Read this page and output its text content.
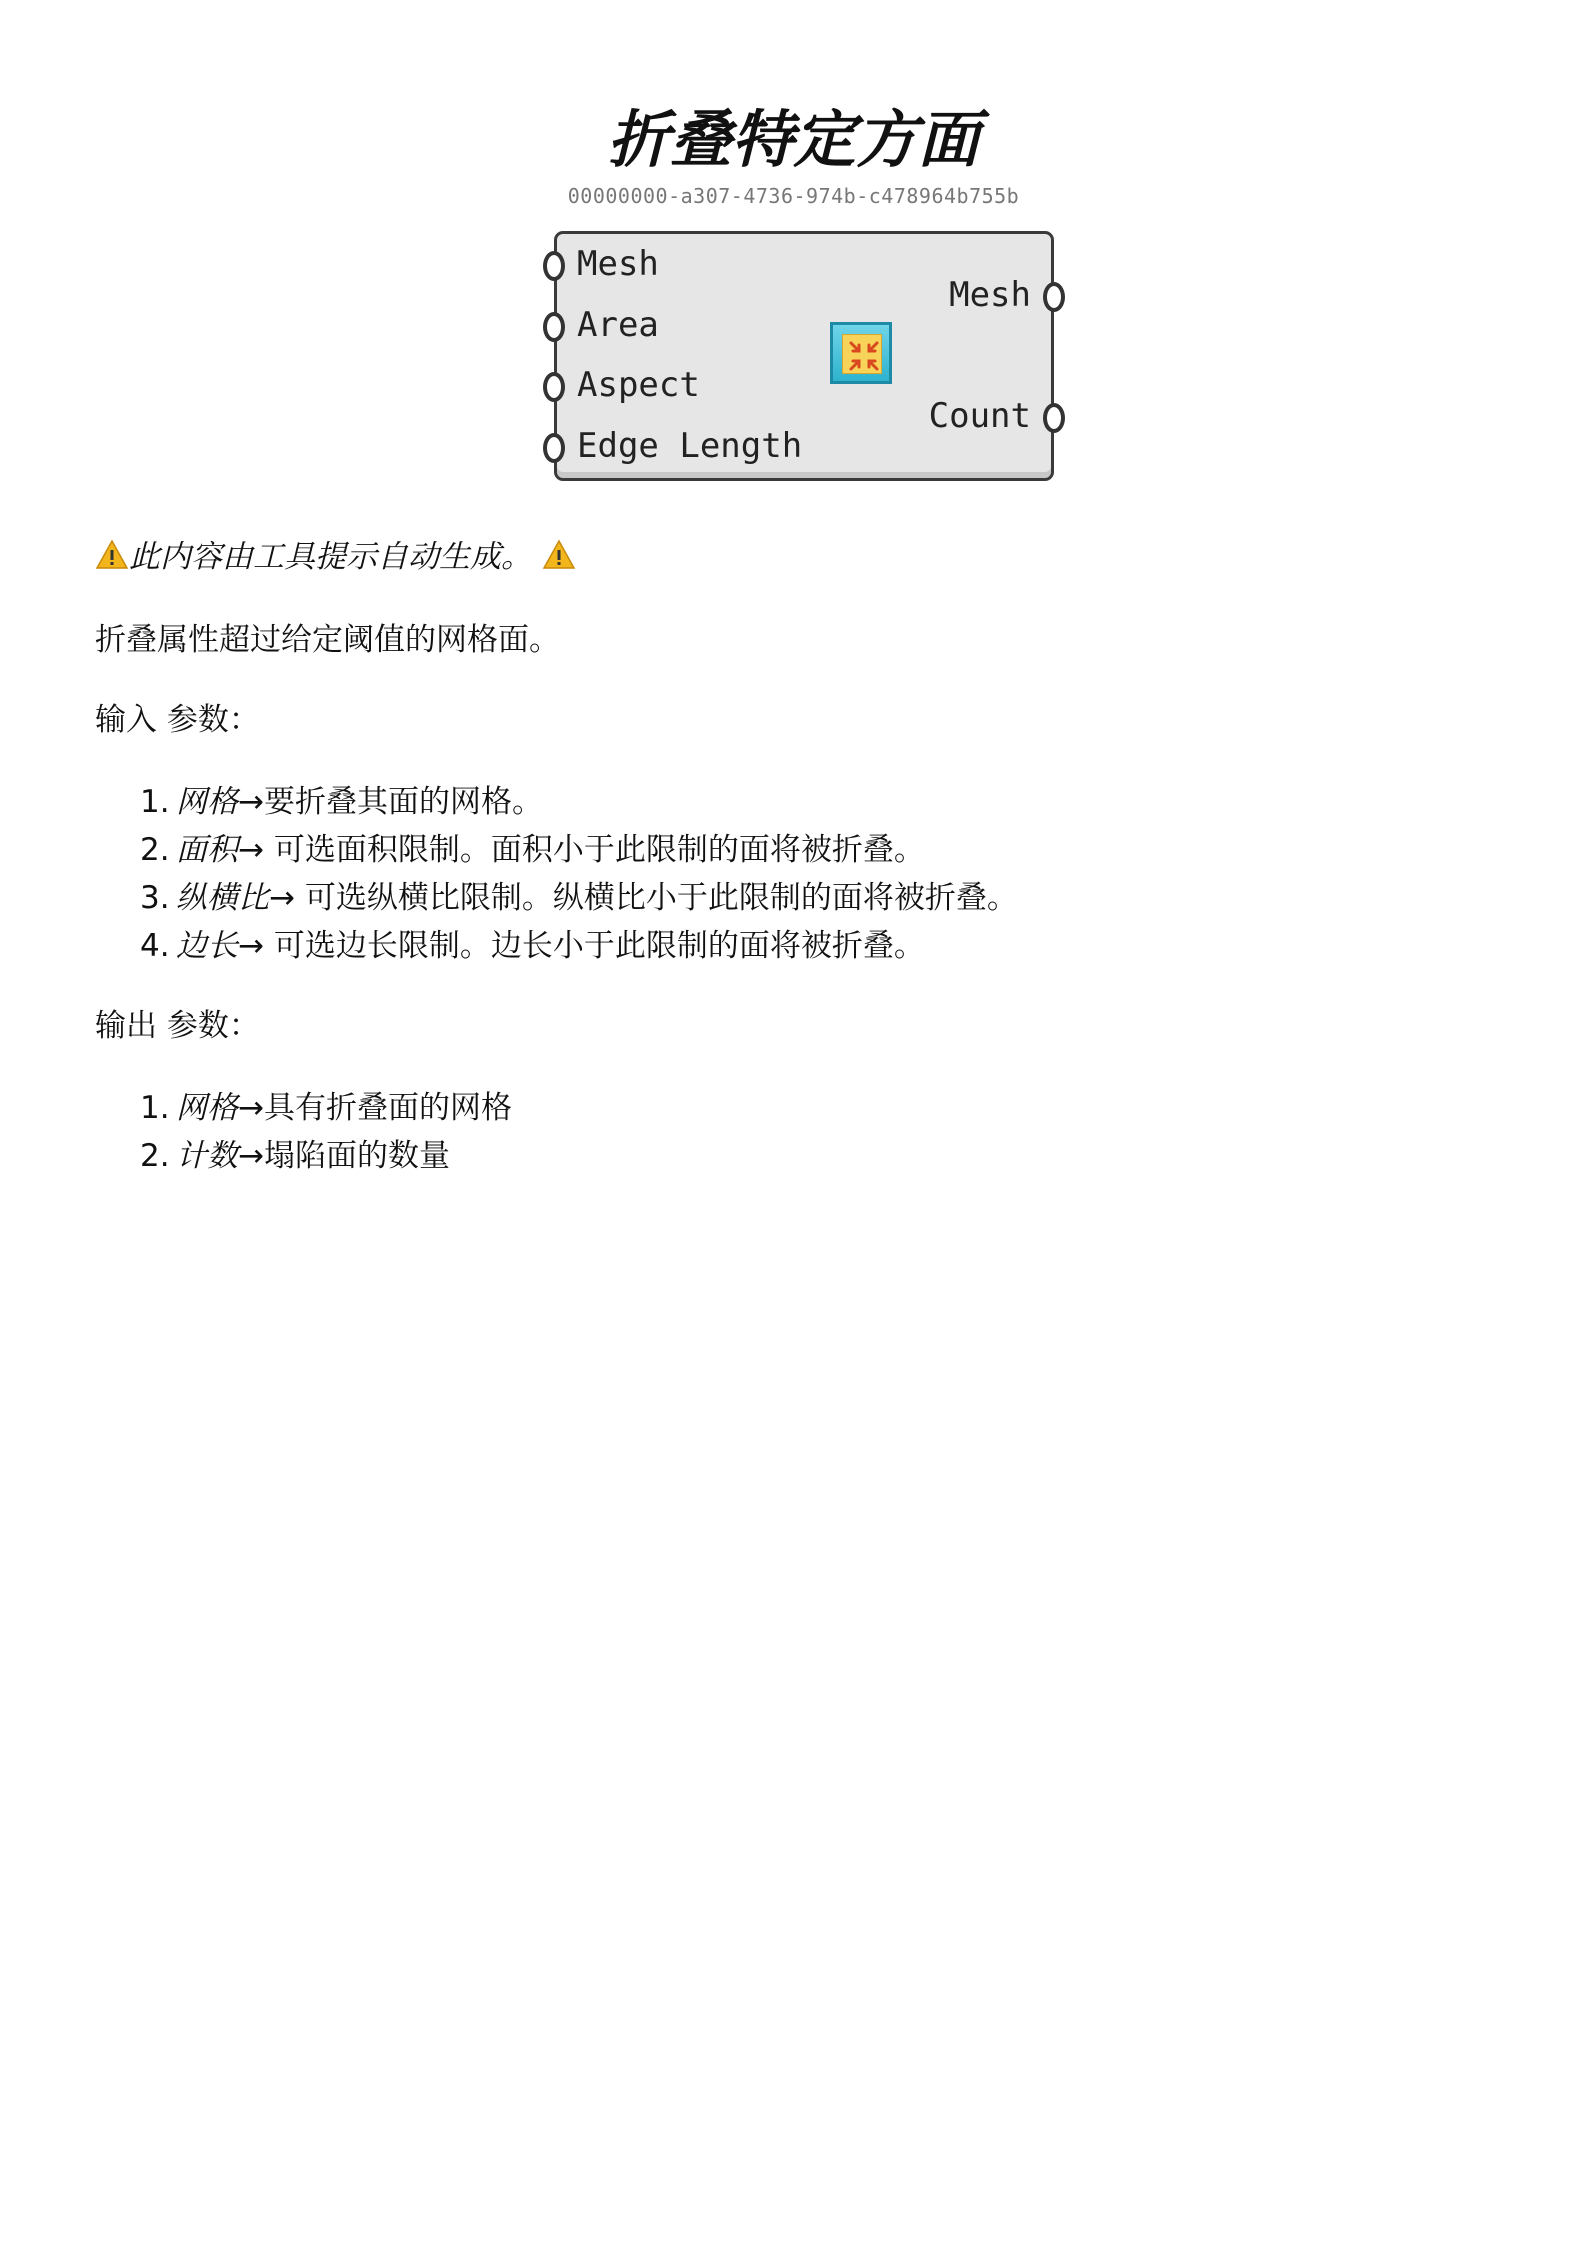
折叠特定方面
00000000-a307-4736-974b-c478964b755b
Mesh
Area
Aspect
Edge Length
Mesh
Count
此内容由工具提示自动生成。
折叠属性超过给定阈值的网格面。
输入 参数：
1. 网格→要折叠其面的网格。
2. 面积→ 可选面积限制。面积小于此限制的面将被折叠。
3. 纵横比→ 可选纵横比限制。纵横比小于此限制的面将被折叠。
4. 边长→ 可选边长限制。边长小于此限制的面将被折叠。
输出 参数：
1. 网格→具有折叠面的网格
2. 计数→塌陷面的数量
